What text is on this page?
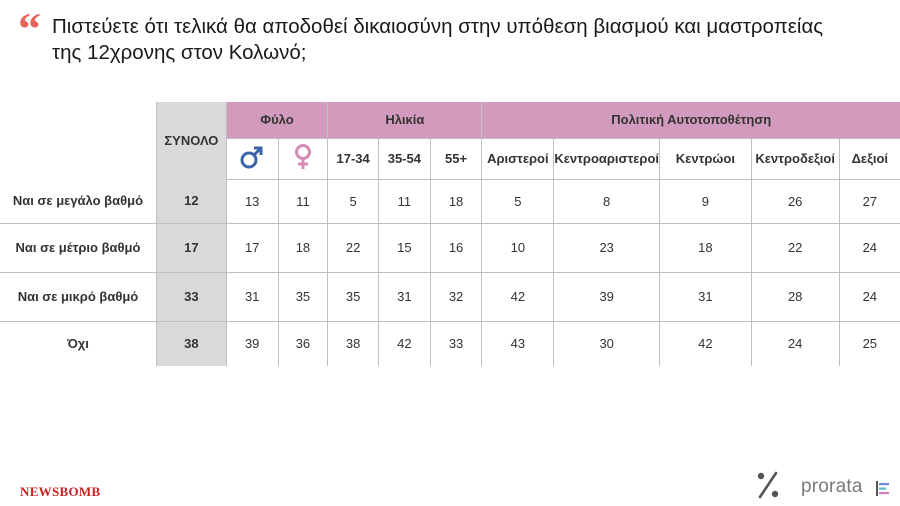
“ Πιστεύετε ότι τελικά θα αποδοθεί δικαιοσύνη στην υπόθεση βιασμού και μαστροπείας της 12χρονης στον Κολωνό;
	ΣΥΝΟΛΟ	Φύλο		Ηλικία			Πολιτική Αυτοτοποθέτηση				
			17-34	35-54	55+	Αριστεροί	Κεντροαριστεροί	Κεντρώοι	Κεντροδεξιοί	Δεξιοί
Ναι σε μεγάλο βαθμό	12	13	11	5	11	18	5	8	9	26	27
Ναι σε μέτριο βαθμό	17	17	18	22	15	16	10	23	18	22	24
Ναι σε μικρό βαθμό	33	31	35	35	31	32	42	39	31	28	24
Όχι	38	39	36	38	42	33	43	30	42	24	25
NEWSBOMB	prorata
